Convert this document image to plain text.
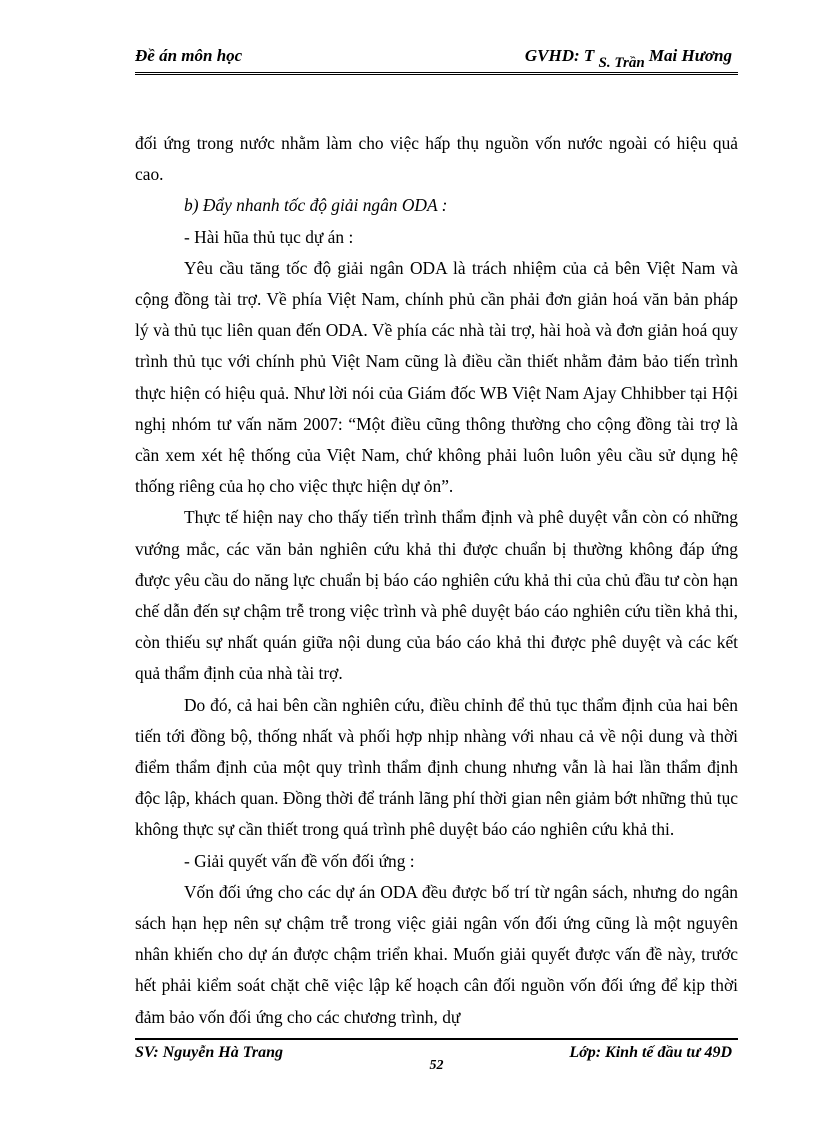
Đề án môn học	GVHD: T S. Trần Mai Hương

đối ứng trong nước nhằm làm cho việc hấp thụ nguồn vốn nước ngoài có hiệu quả cao.

b) Đẩy nhanh tốc độ giải ngân ODA :

- Hài hũa thủ tục dự án :

Yêu cầu tăng tốc độ giải ngân ODA là trách nhiệm của cả bên Việt Nam và cộng đồng tài trợ. Về phía Việt Nam, chính phủ cần phải đơn giản hoá văn bản pháp lý và thủ tục liên quan đến ODA. Về phía các nhà tài trợ, hài hoà và đơn giản hoá quy trình thủ tục với chính phủ Việt Nam cũng là điều cần thiết nhằm đảm bảo tiến trình thực hiện có hiệu quả. Như lời nói của Giám đốc WB Việt Nam Ajay Chhibber tại Hội nghị nhóm tư vấn năm 2007: “Một điều cũng thông thường cho cộng đồng tài trợ là cần xem xét hệ thống của Việt Nam, chứ không phải luôn luôn yêu cầu sử dụng hệ thống riêng của họ cho việc thực hiện dự ỏn”.

Thực tế hiện nay cho thấy tiến trình thẩm định và phê duyệt vẫn còn có những vướng mắc, các văn bản nghiên cứu khả thi được chuẩn bị thường không đáp ứng được yêu cầu do năng lực chuẩn bị báo cáo nghiên cứu khả thi của chủ đầu tư còn hạn chế dẫn đến sự chậm trễ trong việc trình và phê duyệt báo cáo nghiên cứu tiền khả thi, còn thiếu sự nhất quán giữa nội dung của báo cáo khả thi được phê duyệt và các kết quả thẩm định của nhà tài trợ.

Do đó, cả hai bên cần nghiên cứu, điều chỉnh để thủ tục thẩm định của hai bên tiến tới đồng bộ, thống nhất và phối hợp nhịp nhàng với nhau cả về nội dung và thời điểm thẩm định của một quy trình thẩm định chung nhưng vẫn là hai lần thẩm định độc lập, khách quan. Đồng thời để tránh lãng phí thời gian nên giảm bớt những thủ tục không thực sự cần thiết trong quá trình phê duyệt báo cáo nghiên cứu khả thi.

- Giải quyết vấn đề vốn đối ứng :

Vốn đối ứng cho các dự án ODA đều được bố trí từ ngân sách, nhưng do ngân sách hạn hẹp nên sự chậm trễ trong việc giải ngân vốn đối ứng cũng là một nguyên nhân khiến cho dự án được chậm triển khai. Muốn giải quyết được vấn đề này, trước hết phải kiểm soát chặt chẽ việc lập kế hoạch cân đối nguồn vốn đối ứng để kịp thời đảm bảo vốn đối ứng cho các chương trình, dự

SV: Nguyễn Hà Trang	Lớp: Kinh tế đầu tư 49D
52
